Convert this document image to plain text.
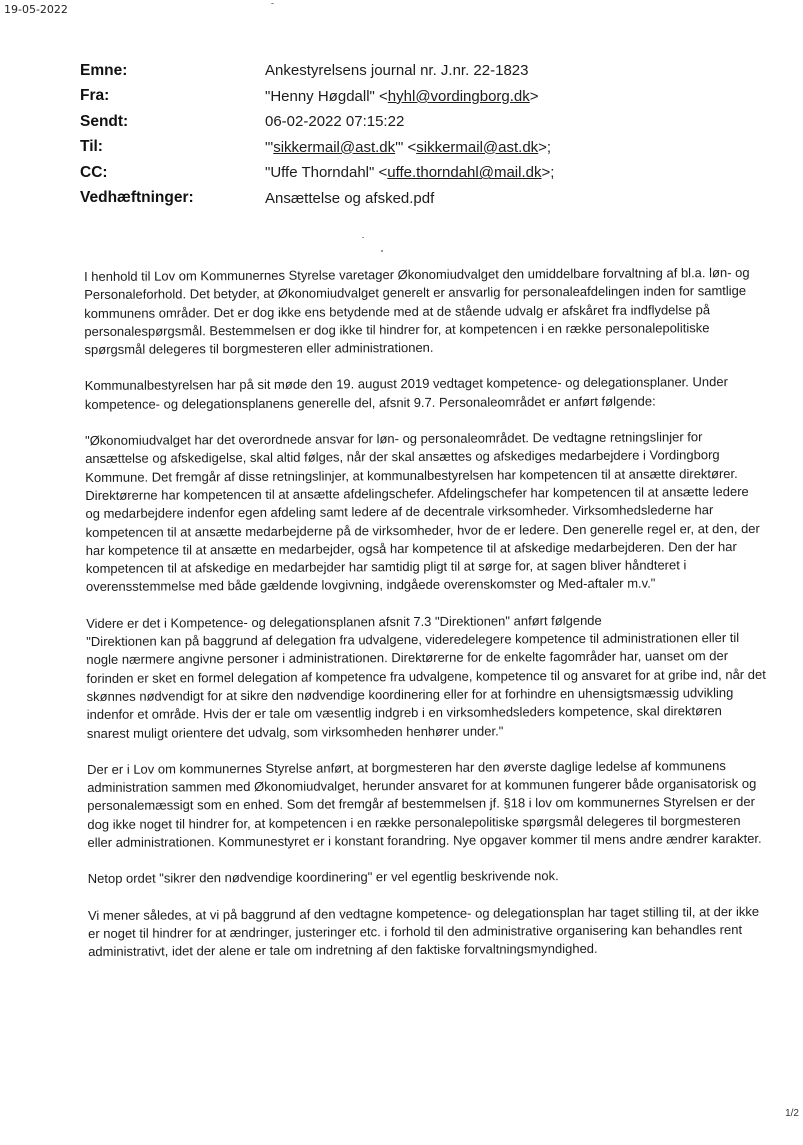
19-05-2022
Emne:	Ankestyrelsens journal nr. J.nr. 22-1823
Fra:	"Henny Høgdall" <hyhl@vordingborg.dk>
Sendt:	06-02-2022 07:15:22
Til:	"'sikkermail@ast.dk'" <sikkermail@ast.dk>;
CC:	"Uffe Thorndahl" <uffe.thorndahl@mail.dk>;
Vedhæftninger:	Ansættelse og afsked.pdf

I henhold til Lov om Kommunernes Styrelse varetager Økonomiudvalget den umiddelbare forvaltning af bl.a. løn- og Personaleforhold. Det betyder, at Økonomiudvalget generelt er ansvarlig for personaleafdelingen inden for samtlige kommunens områder. Det er dog ikke ens betydende med at de stående udvalg er afskåret fra indflydelse på personalespørgsmål. Bestemmelsen er dog ikke til hindrer for, at kompetencen i en række personalepolitiske spørgsmål delegeres til borgmesteren eller administrationen.

Kommunalbestyrelsen har på sit møde den 19. august 2019 vedtaget kompetence- og delegationsplaner. Under kompetence- og delegationsplanens generelle del, afsnit 9.7. Personaleområdet er anført følgende:

"Økonomiudvalget har det overordnede ansvar for løn- og personaleområdet. De vedtagne retningslinjer for ansættelse og afskedigelse, skal altid følges, når der skal ansættes og afskediges medarbejdere i Vordingborg Kommune. Det fremgår af disse retningslinjer, at kommunalbestyrelsen har kompetencen til at ansætte direktører. Direktørerne har kompetencen til at ansætte afdelingschefer. Afdelingschefer har kompetencen til at ansætte ledere og medarbejdere indenfor egen afdeling samt ledere af de decentrale virksomheder. Virksomhedslederne har kompetencen til at ansætte medarbejderne på de virksomheder, hvor de er ledere. Den generelle regel er, at den, der har kompetence til at ansætte en medarbejder, også har kompetence til at afskedige medarbejderen. Den der har kompetencen til at afskedige en medarbejder har samtidig pligt til at sørge for, at sagen bliver håndteret i overensstemmelse med både gældende lovgivning, indgåede overenskomster og Med-aftaler m.v."

Videre er det i Kompetence- og delegationsplanen afsnit 7.3 "Direktionen" anført følgende

"Direktionen kan på baggrund af delegation fra udvalgene, videredelegere kompetence til administrationen eller til nogle nærmere angivne personer i administrationen. Direktørerne for de enkelte fagområder har, uanset om der forinden er sket en formel delegation af kompetence fra udvalgene, kompetence til og ansvaret for at gribe ind, når det skønnes nødvendigt for at sikre den nødvendige koordinering eller for at forhindre en uhensigtsmæssig udvikling indenfor et område. Hvis der er tale om væsentlig indgreb i en virksomhedsleders kompetence, skal direktøren snarest muligt orientere det udvalg, som virksomheden henhører under."

Der er i Lov om kommunernes Styrelse anført, at borgmesteren har den øverste daglige ledelse af kommunens administration sammen med Økonomiudvalget, herunder ansvaret for at kommunen fungerer både organisatorisk og personalemæssigt som en enhed. Som det fremgår af bestemmelsen jf. §18 i lov om kommunernes Styrelsen er der dog ikke noget til hindrer for, at kompetencen i en række personalepolitiske spørgsmål delegeres til borgmesteren eller administrationen. Kommunestyret er i konstant forandring. Nye opgaver kommer til mens andre ændrer karakter.

Netop ordet "sikrer den nødvendige koordinering" er vel egentlig beskrivende nok.

Vi mener således, at vi på baggrund af den vedtagne kompetence- og delegationsplan har taget stilling til, at der ikke er noget til hindrer for at ændringer, justeringer etc. i forhold til den administrative organisering kan behandles rent administrativt, idet der alene er tale om indretning af den faktiske forvaltningsmyndighed.

1/2
